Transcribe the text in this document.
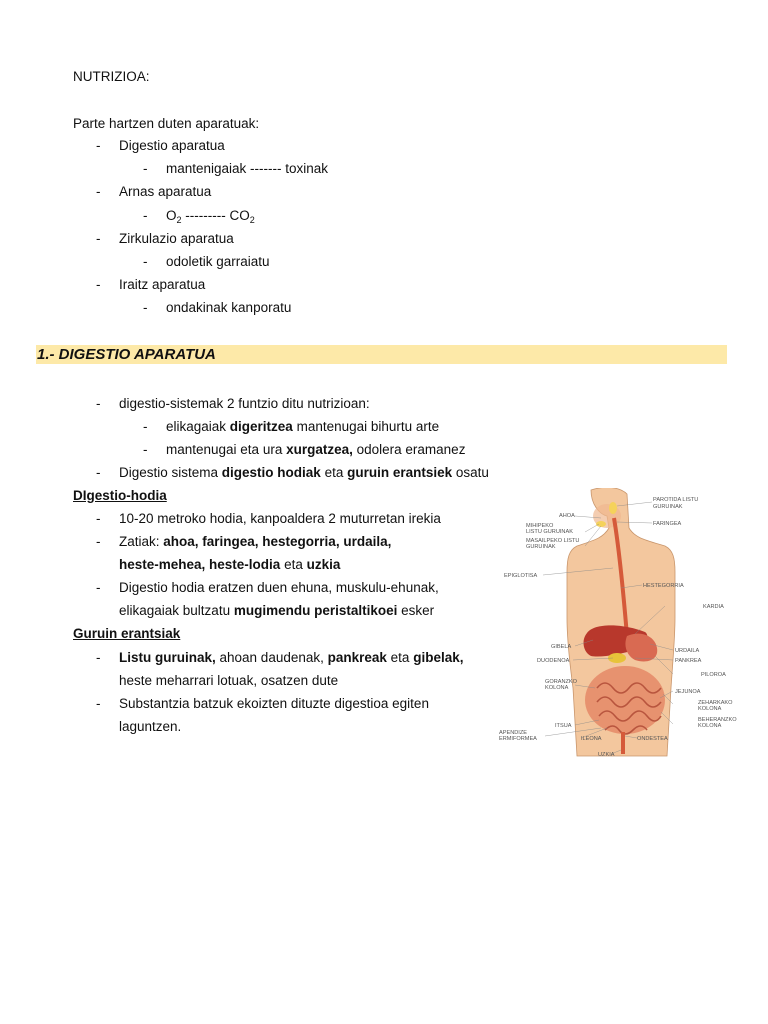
NUTRIZIOA:
Parte hartzen duten aparatuak:
- Digestio aparatua
- mantenigaiak ------- toxinak
- Arnas aparatua
- $O_2$ --------- $CO_2$
- Zirkulazio aparatua
- odoletik garraiatu
- Iraitz aparatua
- ondakinak kanporatu
1.- DIGESTIO APARATUA
- digestio-sistemak 2 funtzio ditu nutrizioan:
- elikagaiak digeritzea mantenugai bihurtu arte
- mantenugai eta ura xurgatzea, odolera eramanez
- Digestio sistema digestio hodiak eta guruin erantsiek osatu
DIgestio-hodia
- 10-20 metroko hodia, kanpoaldera 2 muturretan irekia
- Zatiak: ahoa, faringea, hestegorria, urdaila,
heste-mehea, heste-lodia eta uzkia
- Digestio hodia eratzen duen ehuna, muskulu-ehunak,
elikagaiak bultzatu mugimendu peristaltikoei esker
Guruin erantsiak
- Listu guruinak, ahoan daudenak, pankreak eta gibelak,
heste meharrari lotuak, osatzen dute
- Substantzia batzuk ekoizten dituzte digestioa egiten
laguntzen.
PAROTIDA LISTU
GURUINAK
AHOA
MIHIPEKO
LISTU GURUINAK
MASAILPEKO LISTU
GURUINAK
FARINGEA
EPIGLOTISA
HESTEGORRIA
KARDIA
GIBELA
URDAILA
DUODENOA	PANKREA
PILOROA
GORANZKO
KOLONA
JEJUNOA
ZEHARKAKO
KOLONA
BEHERANZKO
KOLONA
ITSUA
APENDIZE
ERMIFORMEA	ILEONA	ONDESTEA
UZKIA
